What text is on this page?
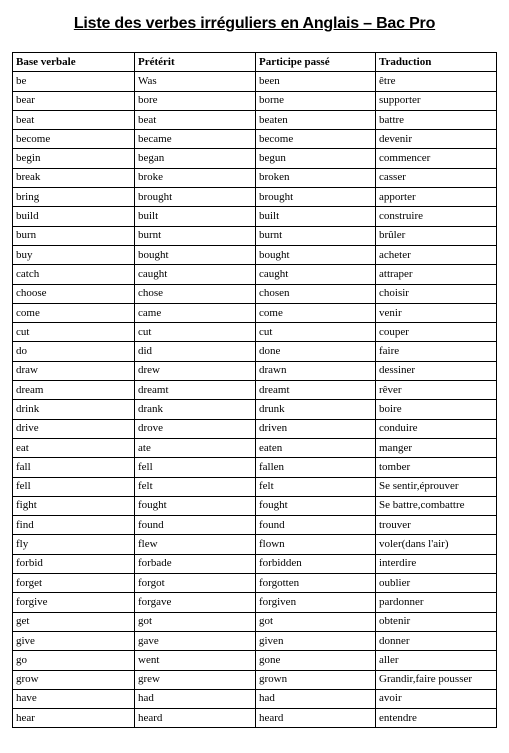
Liste des verbes irréguliers en Anglais – Bac Pro
Base verbale	Prétérit	Participe passé	Traduction
be	Was	been	être
bear	bore	borne	supporter
beat	beat	beaten	battre
become	became	become	devenir
begin	began	begun	commencer
break	broke	broken	casser
bring	brought	brought	apporter
build	built	built	construire
burn	burnt	burnt	brûler
buy	bought	bought	acheter
catch	caught	caught	attraper
choose	chose	chosen	choisir
come	came	come	venir
cut	cut	cut	couper
do	did	done	faire
draw	drew	drawn	dessiner
dream	dreamt	dreamt	rêver
drink	drank	drunk	boire
drive	drove	driven	conduire
eat	ate	eaten	manger
fall	fell	fallen	tomber
fell	felt	felt	Se sentir,éprouver
fight	fought	fought	Se battre,combattre
find	found	found	trouver
fly	flew	flown	voler(dans l'air)
forbid	forbade	forbidden	interdire
forget	forgot	forgotten	oublier
forgive	forgave	forgiven	pardonner
get	got	got	obtenir
give	gave	given	donner
go	went	gone	aller
grow	grew	grown	Grandir,faire pousser
have	had	had	avoir
hear	heard	heard	entendre
